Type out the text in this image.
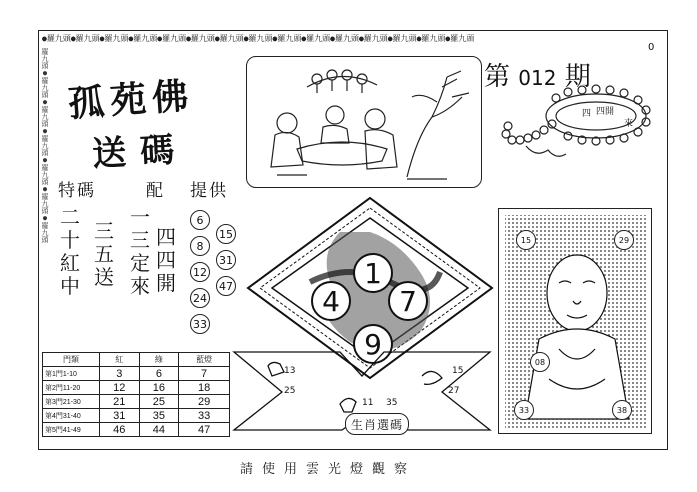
●羅九頭●羅九頭●羅九頭●羅九頭●羅九頭●羅九頭●羅九頭●羅九頭●羅九頭●羅九頭●羅九頭●羅九頭●羅九頭●羅九頭●羅九頭
羅九頭●羅九頭●羅九頭●羅九頭●羅九頭●羅九頭●羅九頭
0
孤苑佛
送碼
第 012 期
四 四開
來
特碼	配 提供
二十紅中
三五送
一三定來
四四開
6
8
12
24
33
15
31
47	1
4	7
9
門類	紅	綠	藍燈
第1門1-10	3	6	7
第2門11-20	12	16	18
第3門21-30	21	25	29
第4門31-40	31	35	33
第5門41-49	46	44	47
13
25
15
27
11 35
生肖選碼
15	29
08
33	38
請使用雲光燈觀察
